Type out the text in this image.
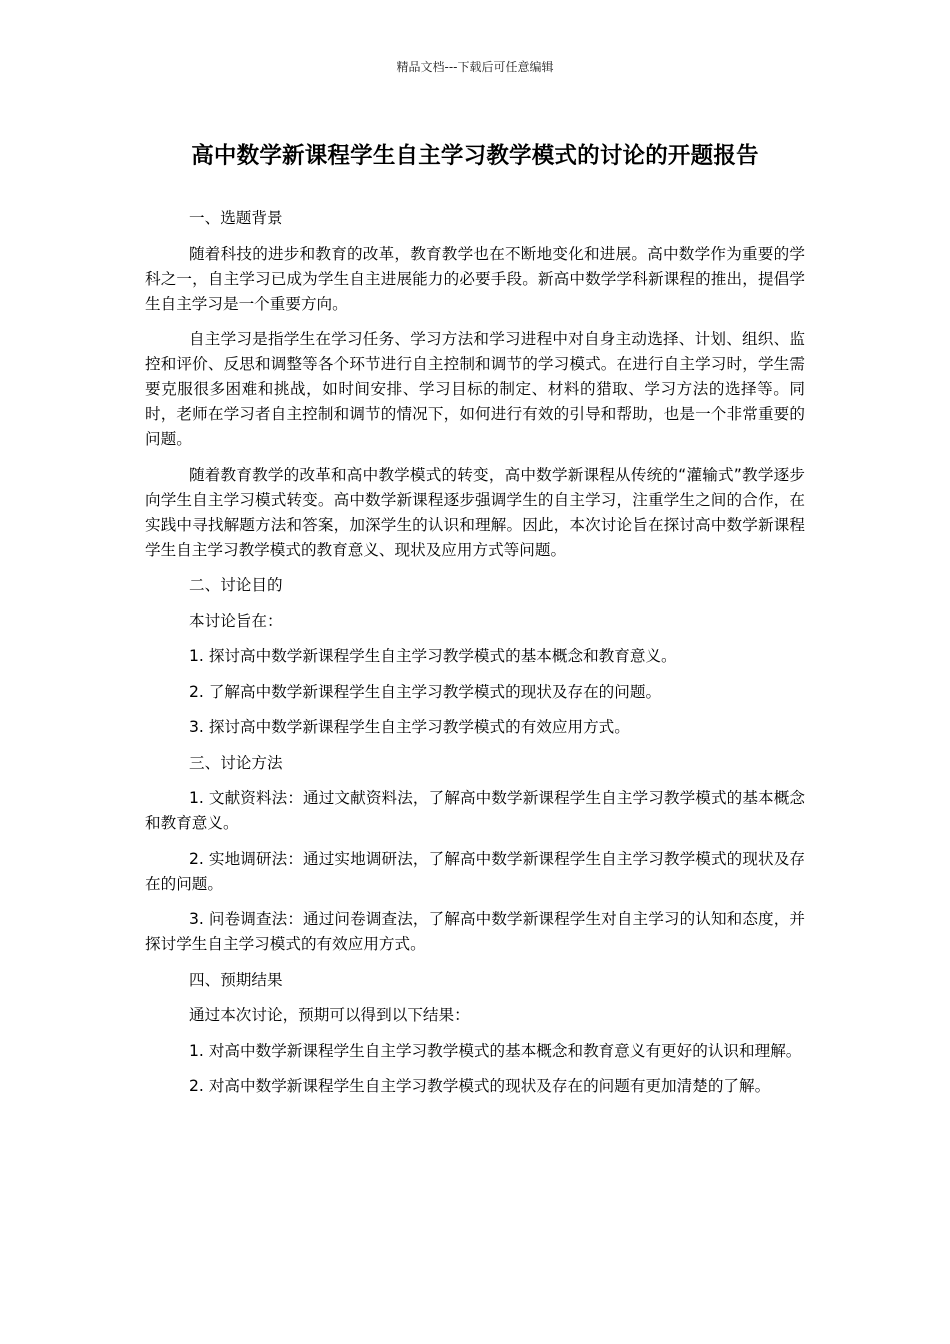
精品文档---下载后可任意编辑
高中数学新课程学生自主学习教学模式的讨论的开题报告

一、选题背景

随着科技的进步和教育的改革，教育教学也在不断地变化和进展。高中数学作为重要的学科之一，自主学习已成为学生自主进展能力的必要手段。新高中数学学科新课程的推出，提倡学生自主学习是一个重要方向。

自主学习是指学生在学习任务、学习方法和学习进程中对自身主动选择、计划、组织、监控和评价、反思和调整等各个环节进行自主控制和调节的学习模式。在进行自主学习时，学生需要克服很多困难和挑战，如时间安排、学习目标的制定、材料的猎取、学习方法的选择等。同时，老师在学习者自主控制和调节的情况下，如何进行有效的引导和帮助，也是一个非常重要的问题。

随着教育教学的改革和高中教学模式的转变，高中数学新课程从传统的“灌输式”教学逐步向学生自主学习模式转变。高中数学新课程逐步强调学生的自主学习，注重学生之间的合作，在实践中寻找解题方法和答案，加深学生的认识和理解。因此，本次讨论旨在探讨高中数学新课程学生自主学习教学模式的教育意义、现状及应用方式等问题。

二、讨论目的

本讨论旨在：

1. 探讨高中数学新课程学生自主学习教学模式的基本概念和教育意义。

2. 了解高中数学新课程学生自主学习教学模式的现状及存在的问题。

3. 探讨高中数学新课程学生自主学习教学模式的有效应用方式。

三、讨论方法

1. 文献资料法：通过文献资料法，了解高中数学新课程学生自主学习教学模式的基本概念和教育意义。

2. 实地调研法：通过实地调研法，了解高中数学新课程学生自主学习教学模式的现状及存在的问题。

3. 问卷调查法：通过问卷调查法，了解高中数学新课程学生对自主学习的认知和态度，并探讨学生自主学习模式的有效应用方式。

四、预期结果

通过本次讨论，预期可以得到以下结果：

1. 对高中数学新课程学生自主学习教学模式的基本概念和教育意义有更好的认识和理解。

2. 对高中数学新课程学生自主学习教学模式的现状及存在的问题有更加清楚的了解。
